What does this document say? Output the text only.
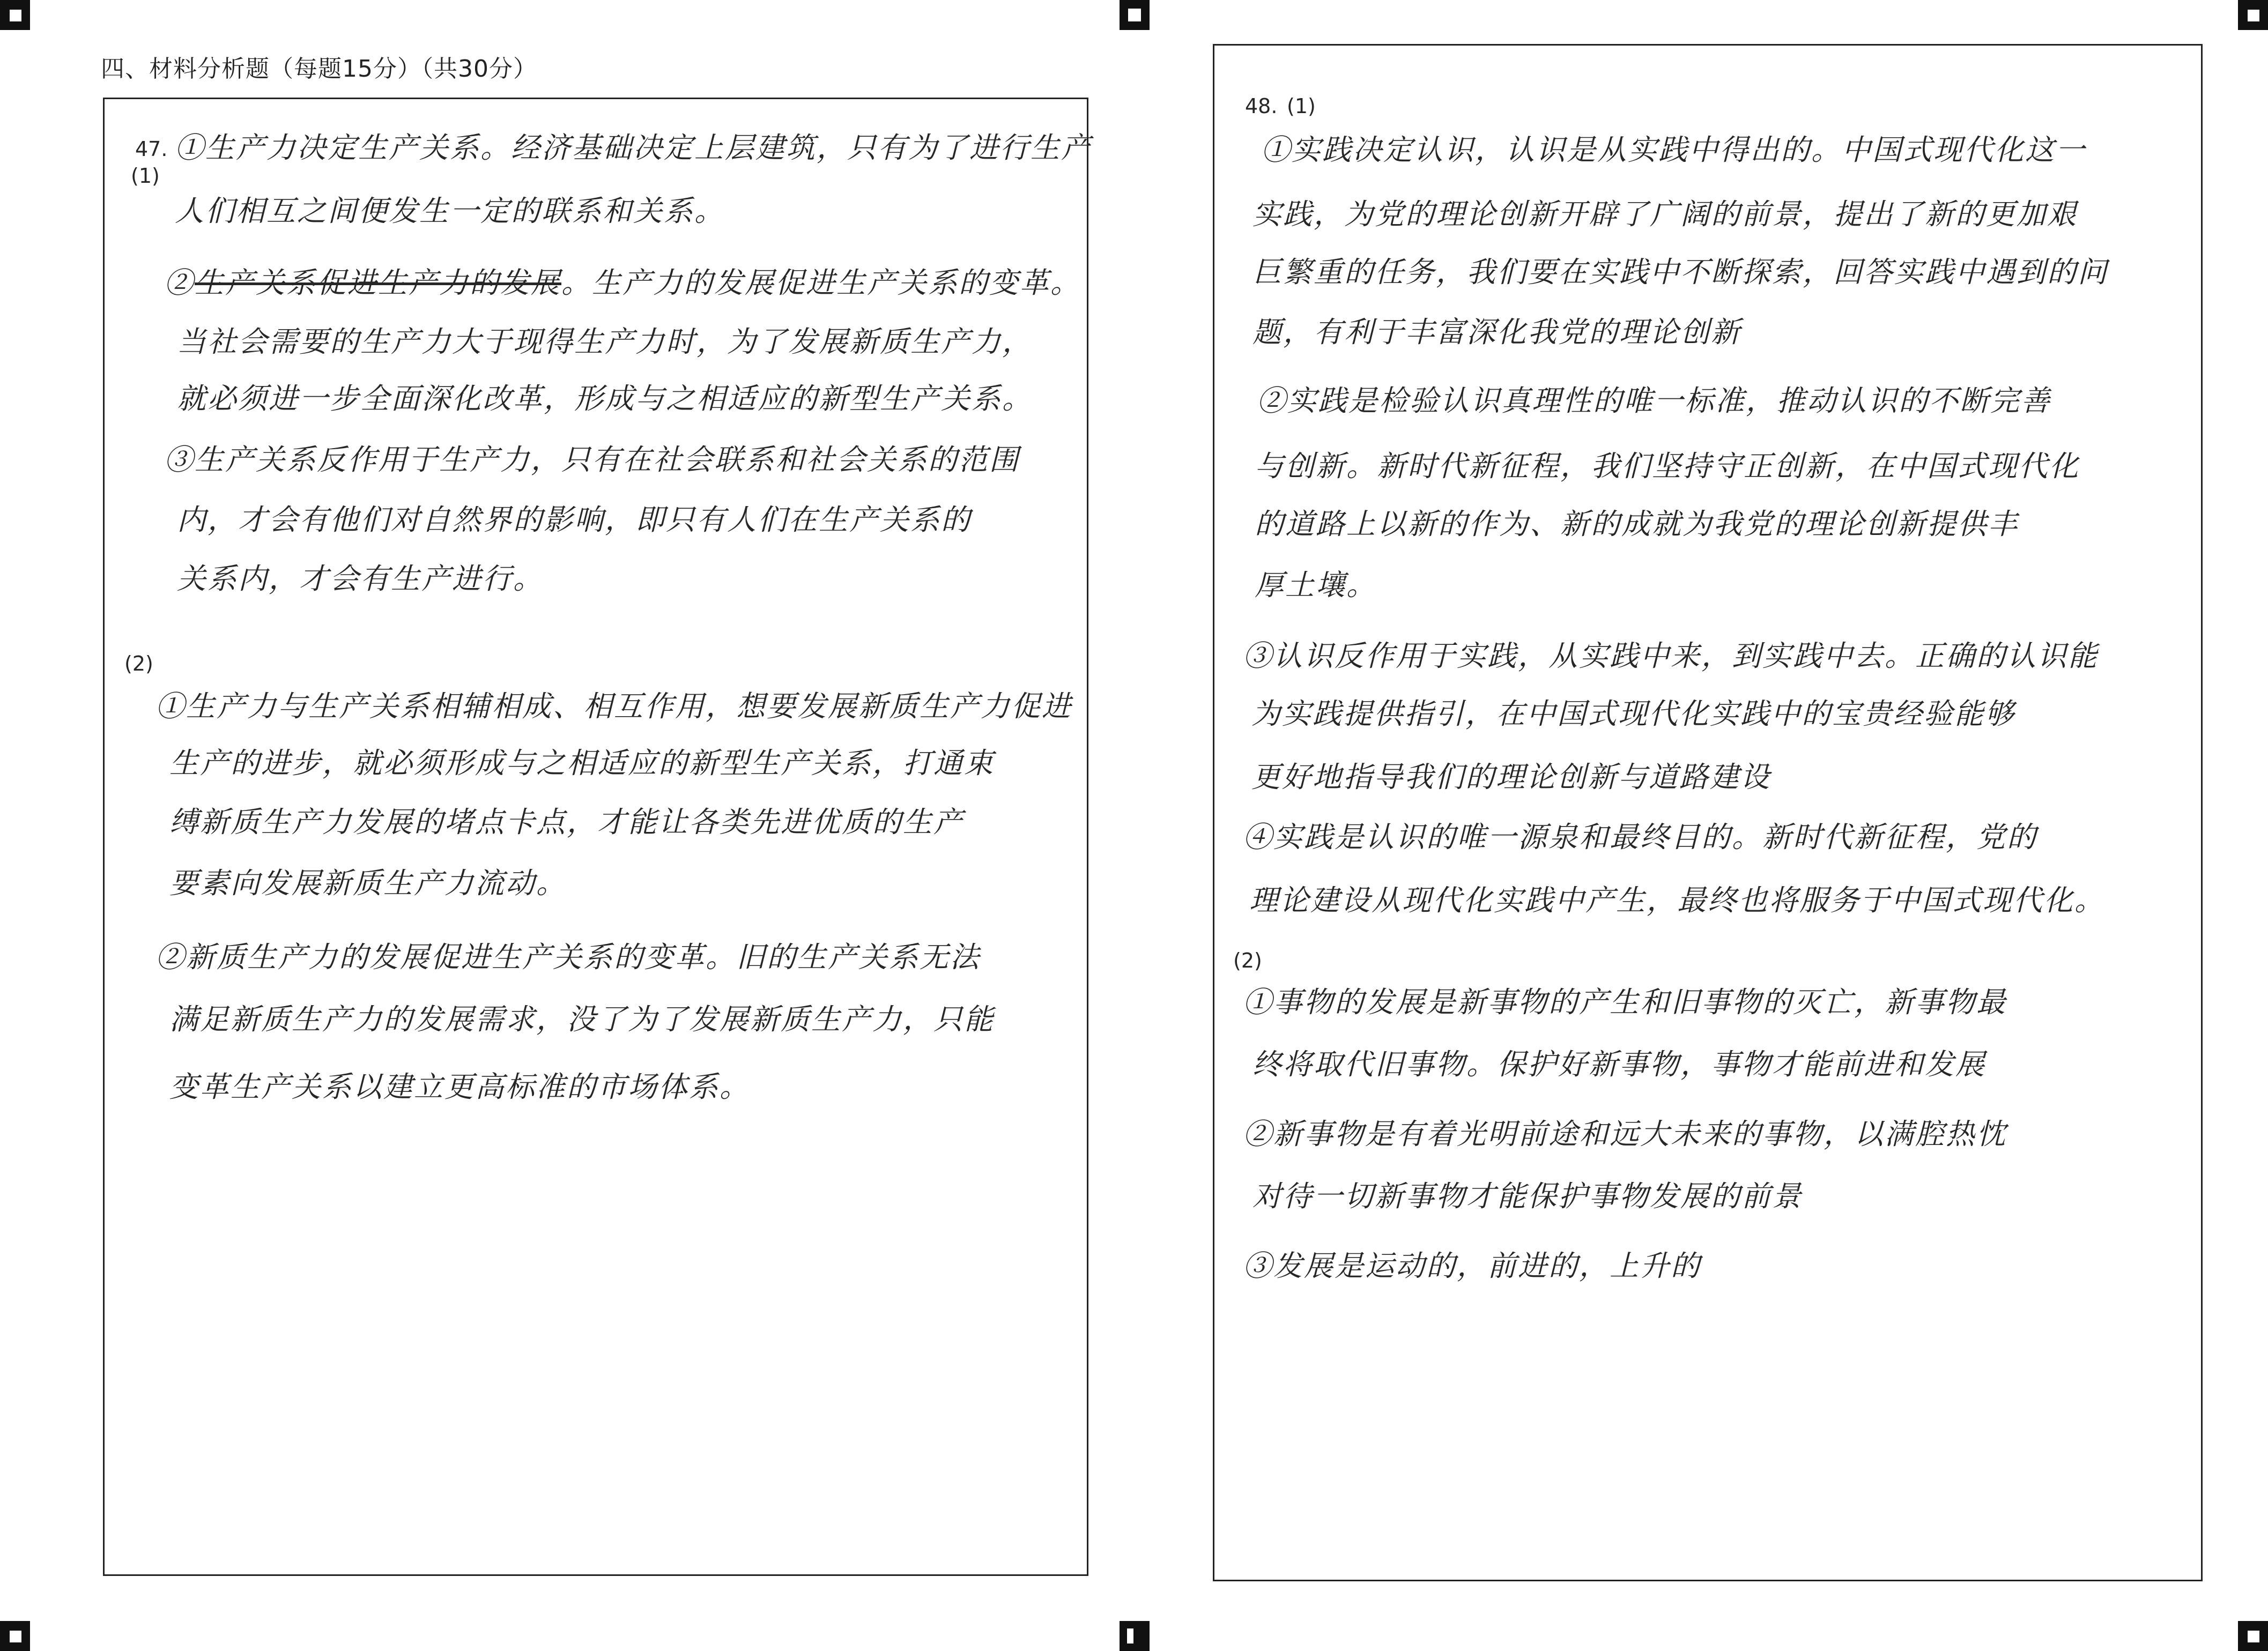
四、材料分析题（每题15分）（共30分）
47.
(1)
①生产力决定生产关系。经济基础决定上层建筑，只有为了进行生产
人们相互之间便发生一定的联系和关系。
②生产关系促进生产力的发展。生产力的发展促进生产关系的变革。
当社会需要的生产力大于现得生产力时，为了发展新质生产力，
就必须进一步全面深化改革，形成与之相适应的新型生产关系。
③生产关系反作用于生产力，只有在社会联系和社会关系的范围
内，才会有他们对自然界的影响，即只有人们在生产关系的
关系内，才会有生产进行。
(2)
①生产力与生产关系相辅相成、相互作用，想要发展新质生产力促进
生产的进步，就必须形成与之相适应的新型生产关系，打通束
缚新质生产力发展的堵点卡点，才能让各类先进优质的生产
要素向发展新质生产力流动。
②新质生产力的发展促进生产关系的变革。旧的生产关系无法
满足新质生产力的发展需求，没了为了发展新质生产力，只能
变革生产关系以建立更高标准的市场体系。
48. (1)
①实践决定认识，认识是从实践中得出的。中国式现代化这一
实践，为党的理论创新开辟了广阔的前景，提出了新的更加艰
巨繁重的任务，我们要在实践中不断探索，回答实践中遇到的问
题，有利于丰富深化我党的理论创新
②实践是检验认识真理性的唯一标准，推动认识的不断完善
与创新。新时代新征程，我们坚持守正创新，在中国式现代化
的道路上以新的作为、新的成就为我党的理论创新提供丰
厚土壤。
③认识反作用于实践，从实践中来，到实践中去。正确的认识能
为实践提供指引，在中国式现代化实践中的宝贵经验能够
更好地指导我们的理论创新与道路建设
④实践是认识的唯一源泉和最终目的。新时代新征程，党的
理论建设从现代化实践中产生，最终也将服务于中国式现代化。
(2)
①事物的发展是新事物的产生和旧事物的灭亡，新事物最
终将取代旧事物。保护好新事物，事物才能前进和发展
②新事物是有着光明前途和远大未来的事物，以满腔热忱
对待一切新事物才能保护事物发展的前景
③发展是运动的，前进的，上升的
